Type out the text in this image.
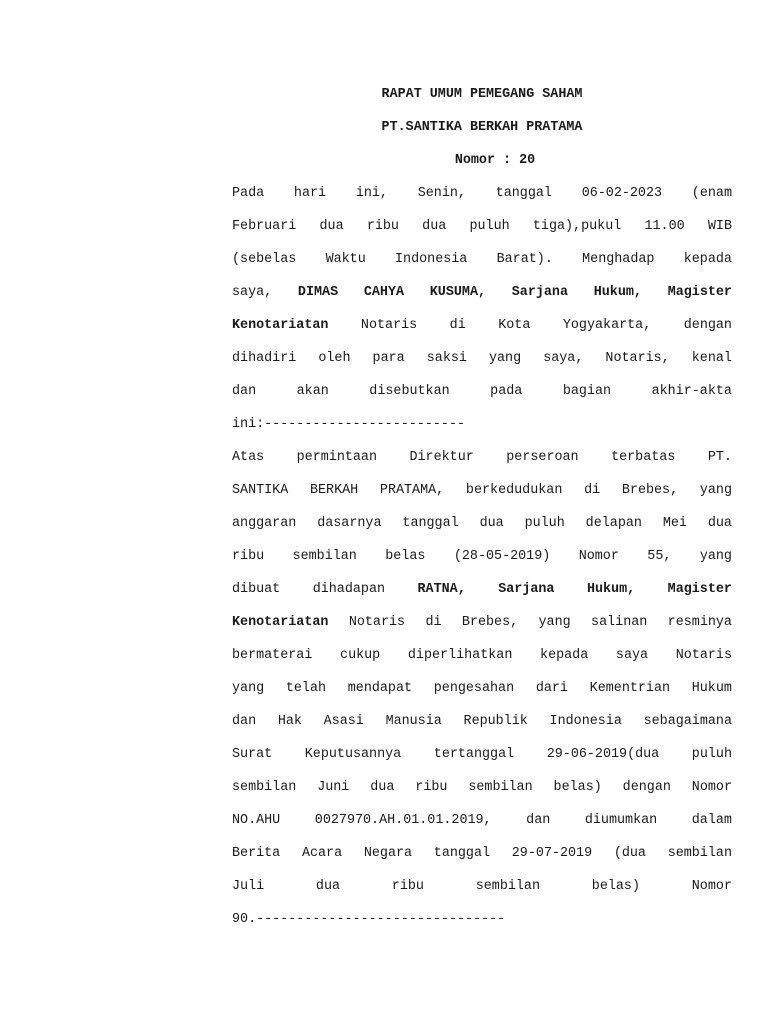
RAPAT UMUM PEMEGANG SAHAM
PT.SANTIKA BERKAH PRATAMA
Nomor : 20
Pada hari ini, Senin, tanggal 06-02-2023 (enam
Februari dua ribu dua puluh tiga),pukul 11.00 WIB
(sebelas Waktu Indonesia Barat). Menghadap kepada
saya, DIMAS CAHYA KUSUMA, Sarjana Hukum, Magister
Kenotariatan Notaris di Kota Yogyakarta, dengan
dihadiri oleh para saksi yang saya, Notaris, kenal
dan	akan	disebutkan	pada	bagian	akhir-akta
ini :-------------------------
Atas permintaan Direktur perseroan terbatas PT.
SANTIKA BERKAH PRATAMA, berkedudukan di Brebes, yang
anggaran dasarnya tanggal dua puluh delapan Mei dua
ribu sembilan belas (28-05-2019) Nomor 55, yang
dibuat dihadapan RATNA, Sarjana Hukum, Magister
Kenotariatan Notaris di Brebes, yang salinan resminya
bermaterai cukup diperlihatkan kepada saya Notaris
yang telah mendapat pengesahan dari Kementrian Hukum
dan Hak Asasi Manusia Republik Indonesia sebagaimana
Surat Keputusannya tertanggal 29-06-2019(dua puluh
sembilan Juni dua ribu sembilan belas) dengan Nomor
NO.AHU	0027970.AH.01.01.2019,	dan	diumumkan	dalam
Berita Acara Negara tanggal 29-07-2019 (dua sembilan
Juli	dua	ribu	sembilan	belas)	Nomor
90.-------------------------------
